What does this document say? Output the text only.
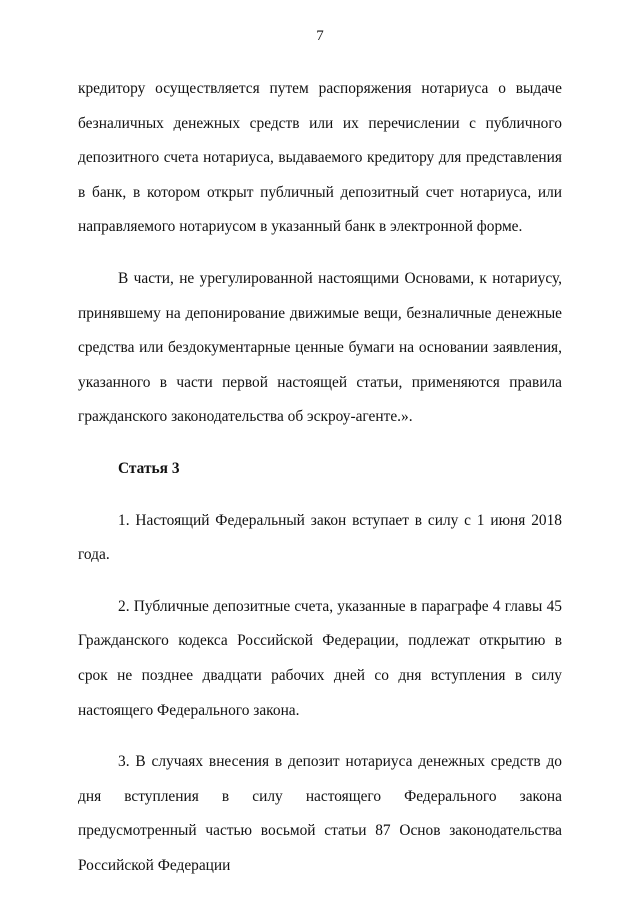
7

кредитору осуществляется путем распоряжения нотариуса о выдаче безналичных денежных средств или их перечислении с публичного депозитного счета нотариуса, выдаваемого кредитору для представления в банк, в котором открыт публичный депозитный счет нотариуса, или направляемого нотариусом в указанный банк в электронной форме.

В части, не урегулированной настоящими Основами, к нотариусу, принявшему на депонирование движимые вещи, безналичные денежные средства или бездокументарные ценные бумаги на основании заявления, указанного в части первой настоящей статьи, применяются правила гражданского законодательства об эскроу-агенте.».

Статья 3

1. Настоящий Федеральный закон вступает в силу с 1 июня 2018 года.

2. Публичные депозитные счета, указанные в параграфе 4 главы 45 Гражданского кодекса Российской Федерации, подлежат открытию в срок не позднее двадцати рабочих дней со дня вступления в силу настоящего Федерального закона.

3. В случаях внесения в депозит нотариуса денежных средств до дня вступления в силу настоящего Федерального закона предусмотренный частью восьмой статьи 87 Основ законодательства Российской Федерации
